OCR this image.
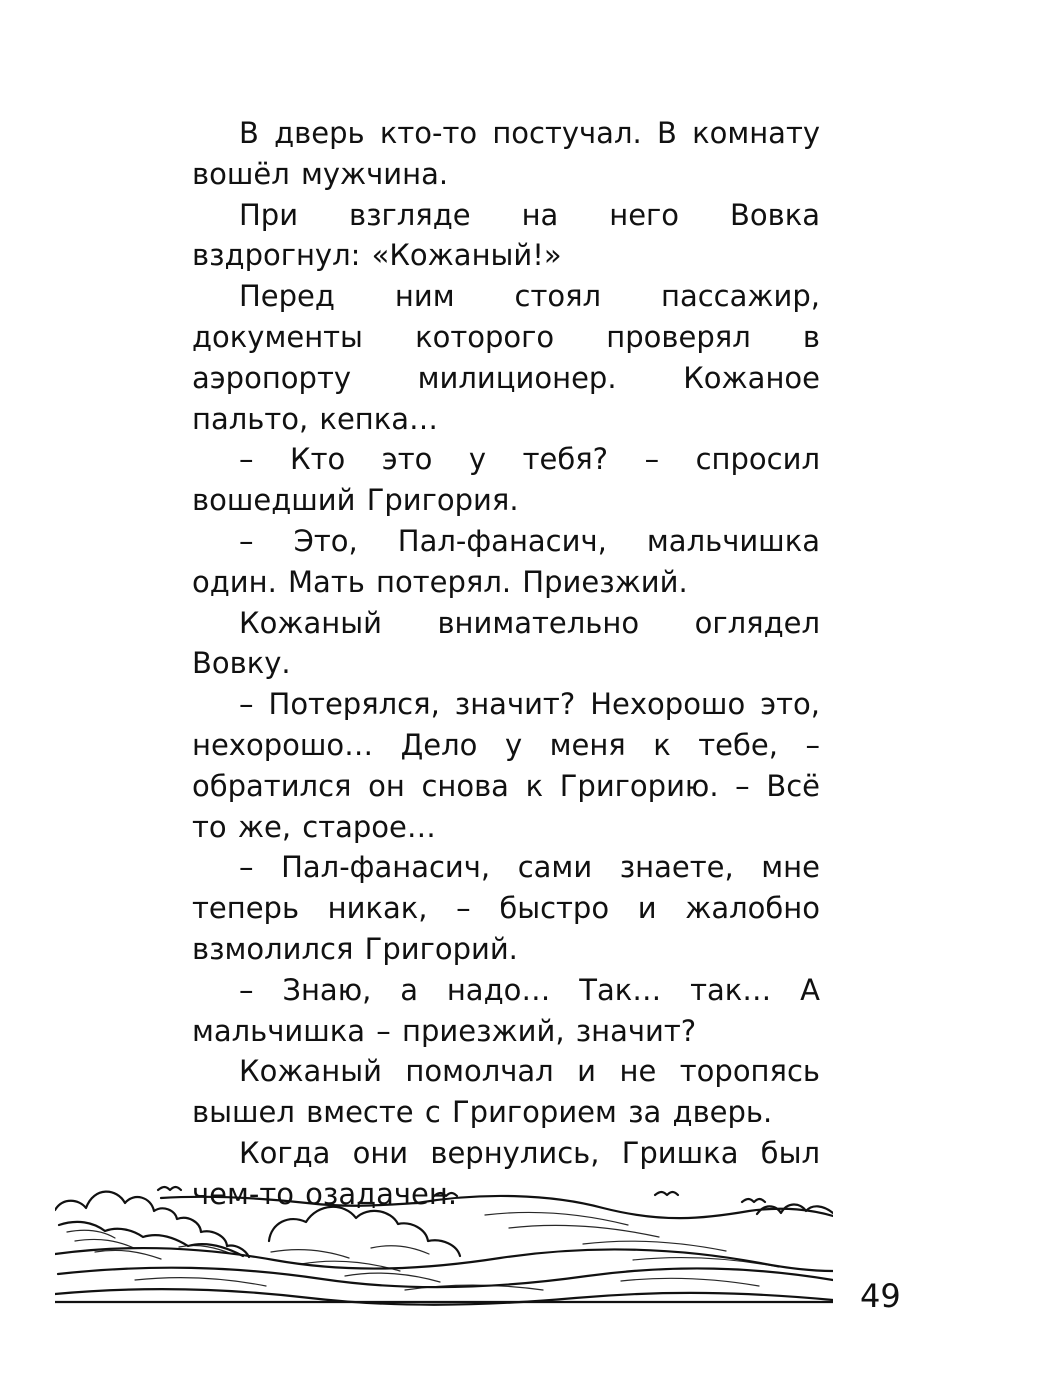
В дверь кто-то постучал. В комнату вошёл мужчина.

При взгляде на него Вовка вздрогнул: «Кожаный!»

Перед ним стоял пассажир, документы которого проверял в аэропорту милиционер. Кожаное пальто, кепка…

– Кто это у тебя? – спросил вошедший Григория.

– Это, Пал-фанасич, мальчишка один. Мать потерял. Приезжий.

Кожаный внимательно оглядел Вовку.

– Потерялся, значит? Нехорошо это, нехорошо… Дело у меня к тебе, – обратился он снова к Григорию. – Всё то же, старое…

– Пал-фанасич, сами знаете, мне теперь никак, – быстро и жалобно взмолился Григорий.

– Знаю, а надо… Так… так… А мальчишка – приезжий, значит?

Кожаный помолчал и не торопясь вышел вместе с Григорием за дверь.

Когда они вернулись, Гришка был чем-то озадачен.

49
